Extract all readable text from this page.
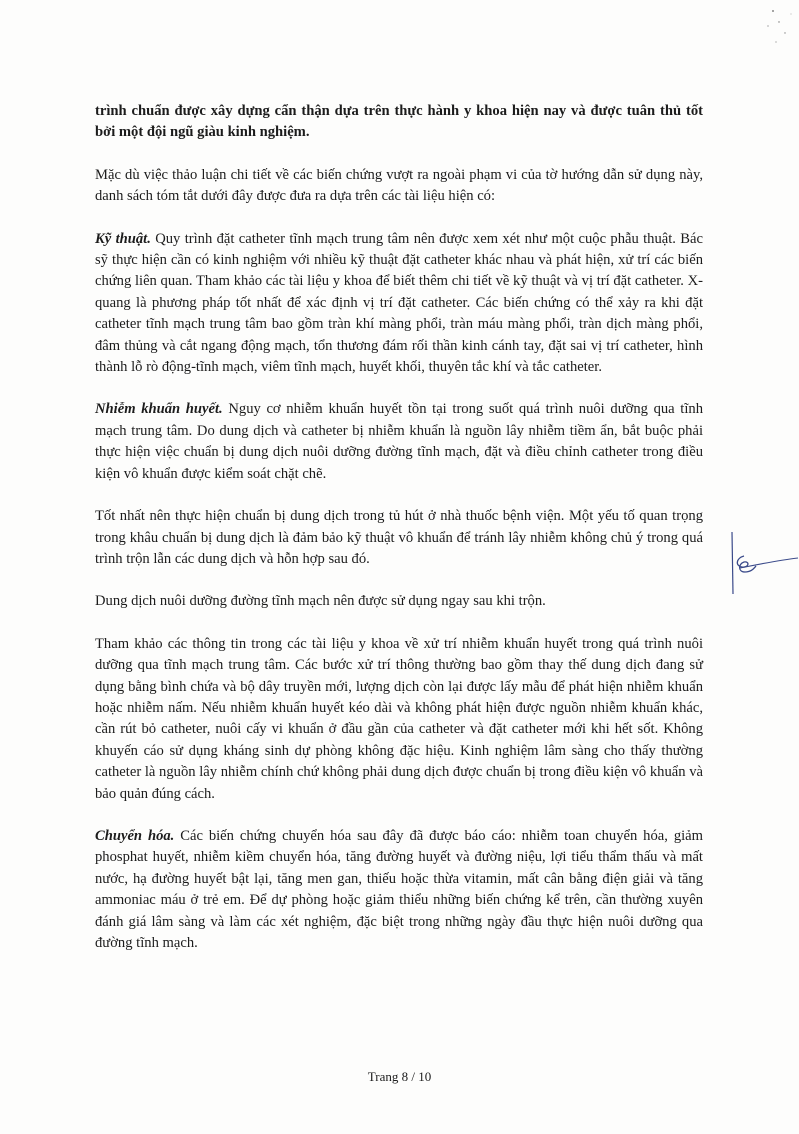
trình chuẩn được xây dựng cẩn thận dựa trên thực hành y khoa hiện nay và được tuân thủ tốt bởi một đội ngũ giàu kinh nghiệm.

Mặc dù việc thảo luận chi tiết về các biến chứng vượt ra ngoài phạm vi của tờ hướng dẫn sử dụng này, danh sách tóm tắt dưới đây được đưa ra dựa trên các tài liệu hiện có:

Kỹ thuật. Quy trình đặt catheter tĩnh mạch trung tâm nên được xem xét như một cuộc phẫu thuật. Bác sỹ thực hiện cần có kinh nghiệm với nhiều kỹ thuật đặt catheter khác nhau và phát hiện, xử trí các biến chứng liên quan. Tham khảo các tài liệu y khoa để biết thêm chi tiết về kỹ thuật và vị trí đặt catheter. X-quang là phương pháp tốt nhất để xác định vị trí đặt catheter. Các biến chứng có thể xảy ra khi đặt catheter tĩnh mạch trung tâm bao gồm tràn khí màng phổi, tràn máu màng phổi, tràn dịch màng phổi, đâm thủng và cắt ngang động mạch, tổn thương đám rối thần kinh cánh tay, đặt sai vị trí catheter, hình thành lỗ rò động-tĩnh mạch, viêm tĩnh mạch, huyết khối, thuyên tắc khí và tắc catheter.

Nhiễm khuẩn huyết. Nguy cơ nhiễm khuẩn huyết tồn tại trong suốt quá trình nuôi dưỡng qua tĩnh mạch trung tâm. Do dung dịch và catheter bị nhiễm khuẩn là nguồn lây nhiễm tiềm ẩn, bắt buộc phải thực hiện việc chuẩn bị dung dịch nuôi dưỡng đường tĩnh mạch, đặt và điều chỉnh catheter trong điều kiện vô khuẩn được kiểm soát chặt chẽ.

Tốt nhất nên thực hiện chuẩn bị dung dịch trong tủ hút ở nhà thuốc bệnh viện. Một yếu tố quan trọng trong khâu chuẩn bị dung dịch là đảm bảo kỹ thuật vô khuẩn để tránh lây nhiễm không chủ ý trong quá trình trộn lẫn các dung dịch và hỗn hợp sau đó.

Dung dịch nuôi dưỡng đường tĩnh mạch nên được sử dụng ngay sau khi trộn.

Tham khảo các thông tin trong các tài liệu y khoa về xử trí nhiễm khuẩn huyết trong quá trình nuôi dưỡng qua tĩnh mạch trung tâm. Các bước xử trí thông thường bao gồm thay thế dung dịch đang sử dụng bằng bình chứa và bộ dây truyền mới, lượng dịch còn lại được lấy mẫu để phát hiện nhiễm khuẩn hoặc nhiễm nấm. Nếu nhiễm khuẩn huyết kéo dài và không phát hiện được nguồn nhiễm khuẩn khác, cần rút bỏ catheter, nuôi cấy vi khuẩn ở đầu gần của catheter và đặt catheter mới khi hết sốt. Không khuyến cáo sử dụng kháng sinh dự phòng không đặc hiệu. Kinh nghiệm lâm sàng cho thấy thường catheter là nguồn lây nhiễm chính chứ không phải dung dịch được chuẩn bị trong điều kiện vô khuẩn và bảo quản đúng cách.

Chuyển hóa. Các biến chứng chuyển hóa sau đây đã được báo cáo: nhiễm toan chuyển hóa, giảm phosphat huyết, nhiễm kiềm chuyển hóa, tăng đường huyết và đường niệu, lợi tiểu thẩm thấu và mất nước, hạ đường huyết bật lại, tăng men gan, thiếu hoặc thừa vitamin, mất cân bằng điện giải và tăng ammoniac máu ở trẻ em. Để dự phòng hoặc giảm thiểu những biến chứng kể trên, cần thường xuyên đánh giá lâm sàng và làm các xét nghiệm, đặc biệt trong những ngày đầu thực hiện nuôi dưỡng qua đường tĩnh mạch.

Trang 8 / 10
